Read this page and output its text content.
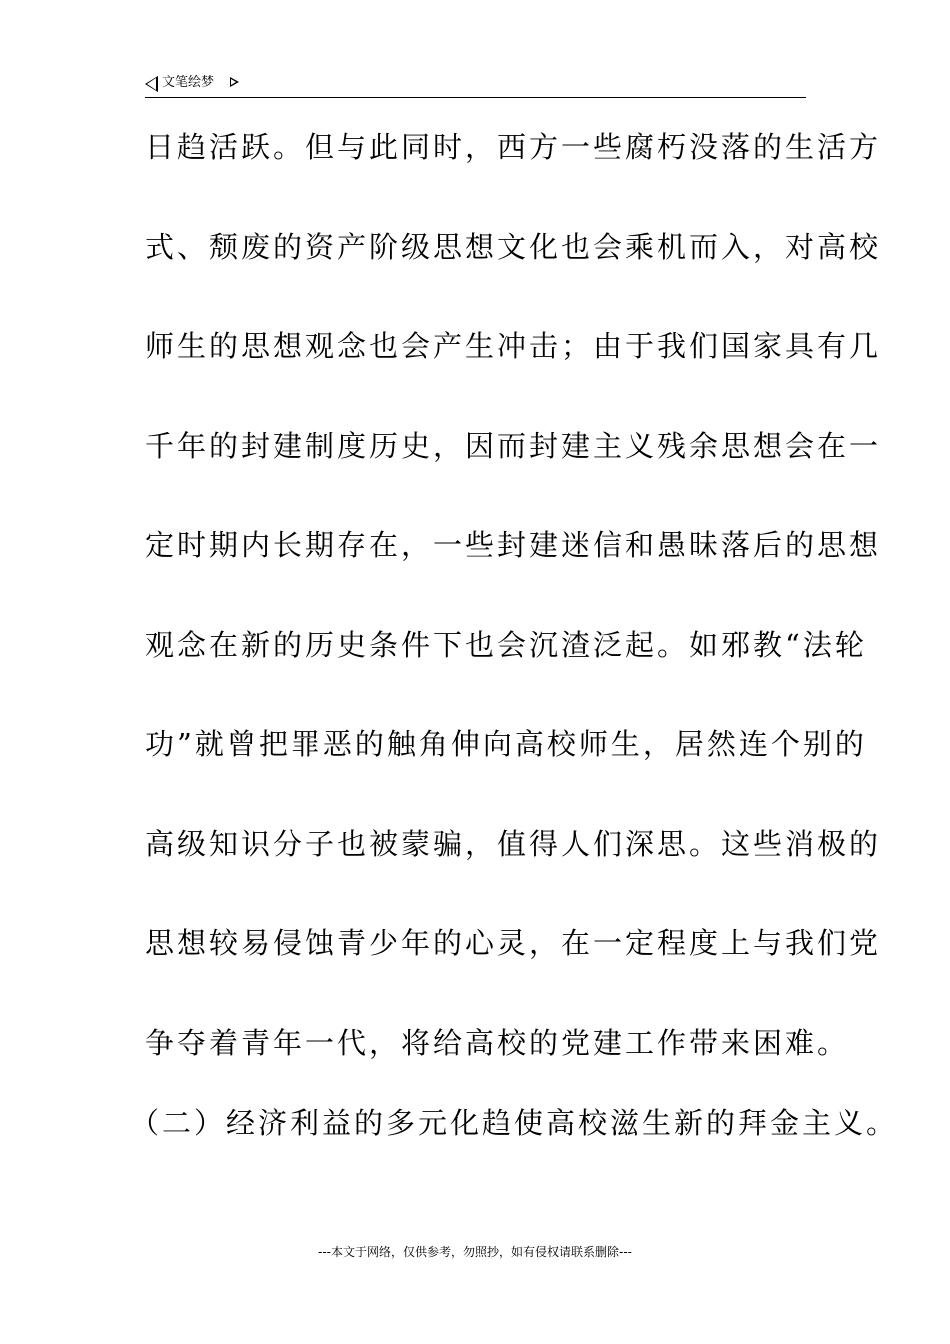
文笔绘梦
日趋活跃。但与此同时，西方一些腐朽没落的生活方
式、颓废的资产阶级思想文化也会乘机而入，对高校
师生的思想观念也会产生冲击；由于我们国家具有几
千年的封建制度历史，因而封建主义残余思想会在一
定时期内长期存在，一些封建迷信和愚昧落后的思想
观念在新的历史条件下也会沉渣泛起。如邪教“法轮
功”就曾把罪恶的触角伸向高校师生，居然连个别的
高级知识分子也被蒙骗，值得人们深思。这些消极的
思想较易侵蚀青少年的心灵，在一定程度上与我们党
争夺着青年一代，将给高校的党建工作带来困难。
（二）经济利益的多元化趋使高校滋生新的拜金主义。
---本文于网络，仅供参考，勿照抄，如有侵权请联系删除---
